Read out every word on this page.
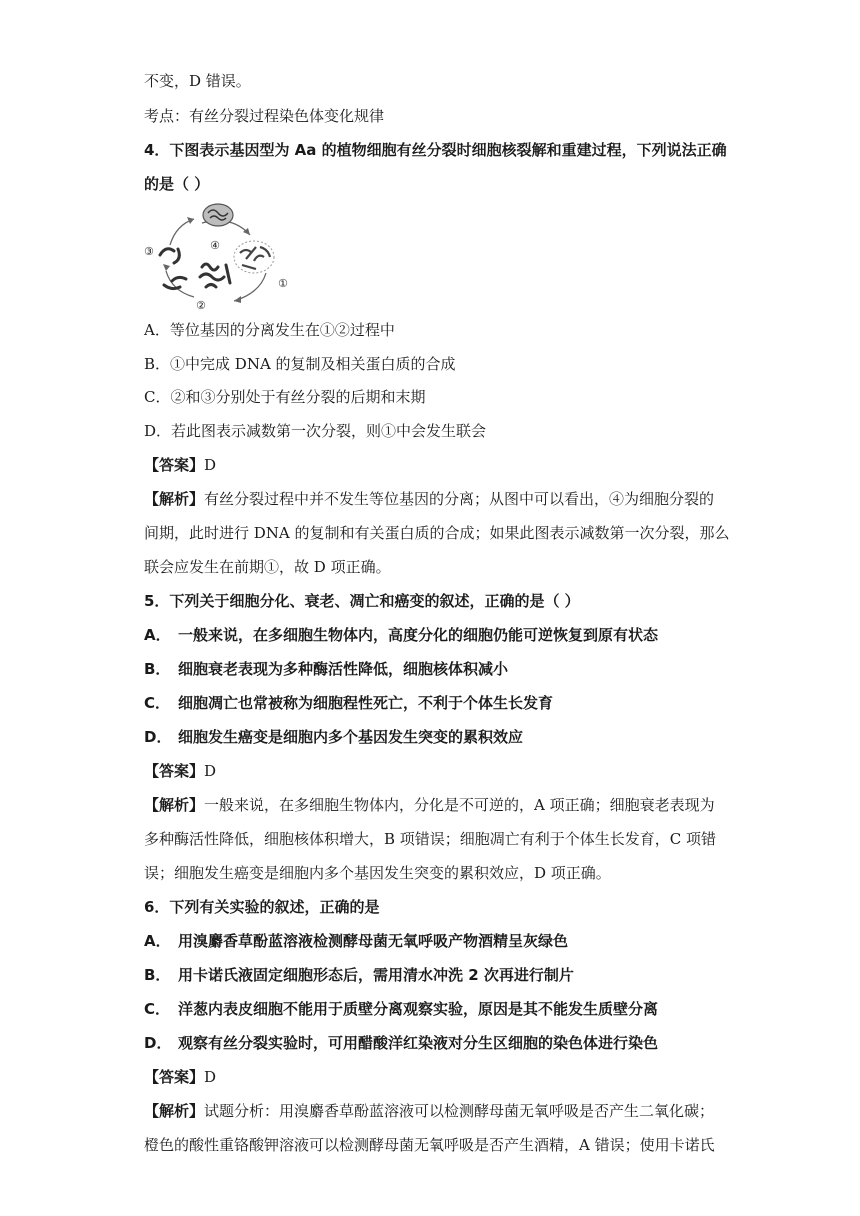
不变，D 错误。
考点：有丝分裂过程染色体变化规律
4．下图表示基因型为 Aa 的植物细胞有丝分裂时细胞核裂解和重建过程，下列说法正确
的是（ ）
①
②
③	④
A．等位基因的分离发生在①②过程中
B．①中完成 DNA 的复制及相关蛋白质的合成
C．②和③分别处于有丝分裂的后期和末期
D．若此图表示减数第一次分裂，则①中会发生联会
【答案】D
【解析】有丝分裂过程中并不发生等位基因的分离；从图中可以看出，④为细胞分裂的
间期，此时进行 DNA 的复制和有关蛋白质的合成；如果此图表示减数第一次分裂，那么
联会应发生在前期①，故 D 项正确。
5．下列关于细胞分化、衰老、凋亡和癌变的叙述，正确的是（ ）
A． 一般来说，在多细胞生物体内，高度分化的细胞仍能可逆恢复到原有状态
B． 细胞衰老表现为多种酶活性降低，细胞核体积减小
C． 细胞凋亡也常被称为细胞程性死亡，不利于个体生长发育
D． 细胞发生癌变是细胞内多个基因发生突变的累积效应
【答案】D
【解析】一般来说，在多细胞生物体内，分化是不可逆的，A 项正确；细胞衰老表现为
多种酶活性降低，细胞核体积增大，B 项错误；细胞凋亡有利于个体生长发育，C 项错
误；细胞发生癌变是细胞内多个基因发生突变的累积效应，D 项正确。
6．下列有关实验的叙述，正确的是
A． 用溴麝香草酚蓝溶液检测酵母菌无氧呼吸产物酒精呈灰绿色
B． 用卡诺氏液固定细胞形态后，需用清水冲洗 2 次再进行制片
C． 洋葱内表皮细胞不能用于质壁分离观察实验，原因是其不能发生质壁分离
D． 观察有丝分裂实验时，可用醋酸洋红染液对分生区细胞的染色体进行染色
【答案】D
【解析】试题分析：用溴麝香草酚蓝溶液可以检测酵母菌无氧呼吸是否产生二氧化碳；
橙色的酸性重铬酸钾溶液可以检测酵母菌无氧呼吸是否产生酒精，A 错误；使用卡诺氏
